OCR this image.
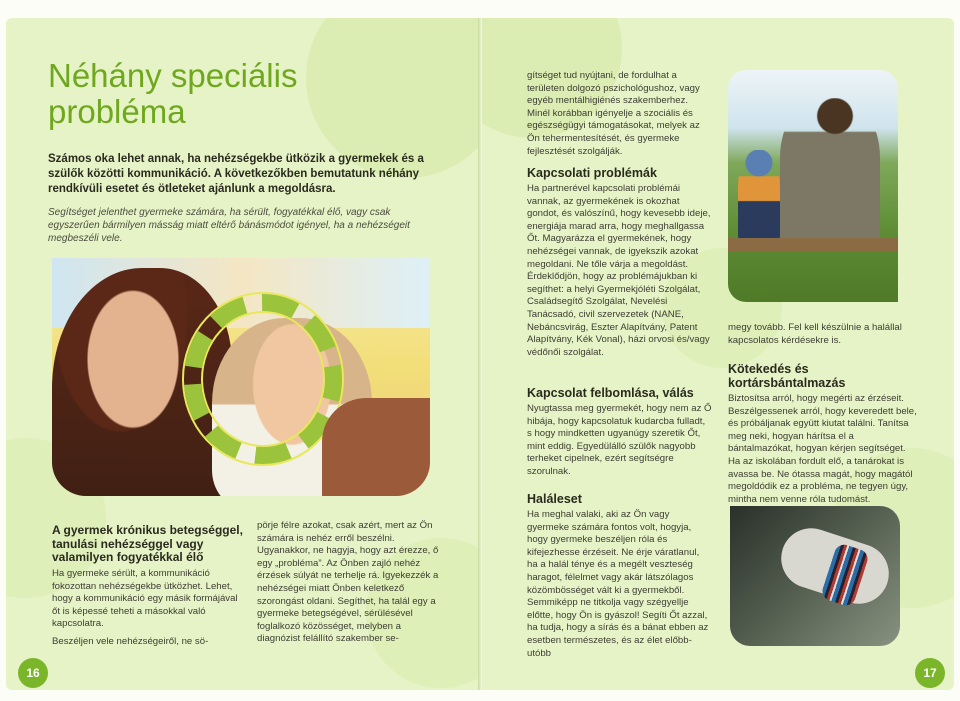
Néhány speciális probléma

Számos oka lehet annak, ha nehézségekbe ütközik a gyermekek és a szülők közötti kommunikáció. A következőkben bemutatunk néhány rendkívüli esetet és ötleteket ajánlunk a megoldásra.

Segítséget jelenthet gyermeke számára, ha sérült, fogyatékkal élő, vagy csak egyszerűen bármilyen másság miatt eltérő bánásmódot igényel, ha a nehézségeit megbeszéli vele.

A gyermek krónikus betegséggel, tanulási nehézséggel vagy valamilyen fogyatékkal élő

Ha gyermeke sérült, a kommunikáció fokozottan nehézségekbe ütközhet. Lehet, hogy a kommunikáció egy másik formájával őt is képessé teheti a másokkal való kapcsolatra.

Beszéljen vele nehézségeiről, ne sö-

pörje félre azokat, csak azért, mert az Ön számára is nehéz erről beszélni. Ugyanakkor, ne hagyja, hogy azt érezze, ő egy „probléma”. Az Önben zajló nehéz érzések súlyát ne terhelje rá. Igyekezzék a nehézségei miatt Önben keletkező szorongást oldani. Segíthet, ha talál egy a gyermeke betegségével, sérülésével foglalkozó közösséget, melyben a diagnózist felállító szakember se-

16
gítséget tud nyújtani, de fordulhat a területen dolgozó pszichológushoz, vagy egyéb mentálhigiénés szakemberhez. Minél korábban igényelje a szociális és egészségügyi támogatásokat, melyek az Ön tehermentesítését, és gyermeke fejlesztését szolgálják.
Kapcsolati problémák

Ha partnerével kapcsolati problémái vannak, az gyermekének is okozhat gondot, és valószínű, hogy kevesebb ideje, energiája marad arra, hogy meghallgassa Őt. Magyarázza el gyermekének, hogy nehézségei vannak, de igyekszik azokat megoldani. Ne tőle várja a megoldást. Érdeklődjön, hogy az problémájukban ki segíthet: a helyi Gyermekjóléti Szolgálat, Családsegítő Szolgálat, Nevelési Tanácsadó, civil szervezetek (NANE, Nebáncsvirág, Eszter Alapítvány, Patent Alapítvány, Kék Vonal), házi orvosi és/vagy védőnői szolgálat.

Kapcsolat felbomlása, válás

Nyugtassa meg gyermekét, hogy nem az Ő hibája, hogy kapcsolatuk kudarcba fulladt, s hogy mindketten ugyanúgy szeretik Őt, mint eddig. Egyedülálló szülők nagyobb terheket cipelnek, ezért segítségre szorulnak.

Haláleset

Ha meghal valaki, aki az Ön vagy gyermeke számára fontos volt, hogyja, hogy gyermeke beszéljen róla és kifejezhesse érzéseit. Ne érje váratlanul, ha a halál ténye és a megélt veszteség haragot, félelmet vagy akár látszólagos közömbösséget vált ki a gyermekből. Semmiképp ne titkolja vagy szégyellje előtte, hogy Ön is gyászol! Segíti Őt azzal, ha tudja, hogy a sírás és a bánat ebben az esetben természetes, és az élet előbb-utóbb

megy tovább. Fel kell készülnie a halállal kapcsolatos kérdésekre is.
Kötekedés és kortársbántalmazás

Biztosítsa arról, hogy megérti az érzéseit. Beszélgessenek arról, hogy keveredett bele, és próbáljanak együtt kiutat találni. Tanítsa meg neki, hogyan hárítsa el a bántalmazókat, hogyan kérjen segítséget. Ha az iskolában fordult elő, a tanárokat is avassa be. Ne ótassa magát, hogy magától megoldódik ez a probléma, ne tegyen úgy, mintha nem venne róla tudomást.

17
